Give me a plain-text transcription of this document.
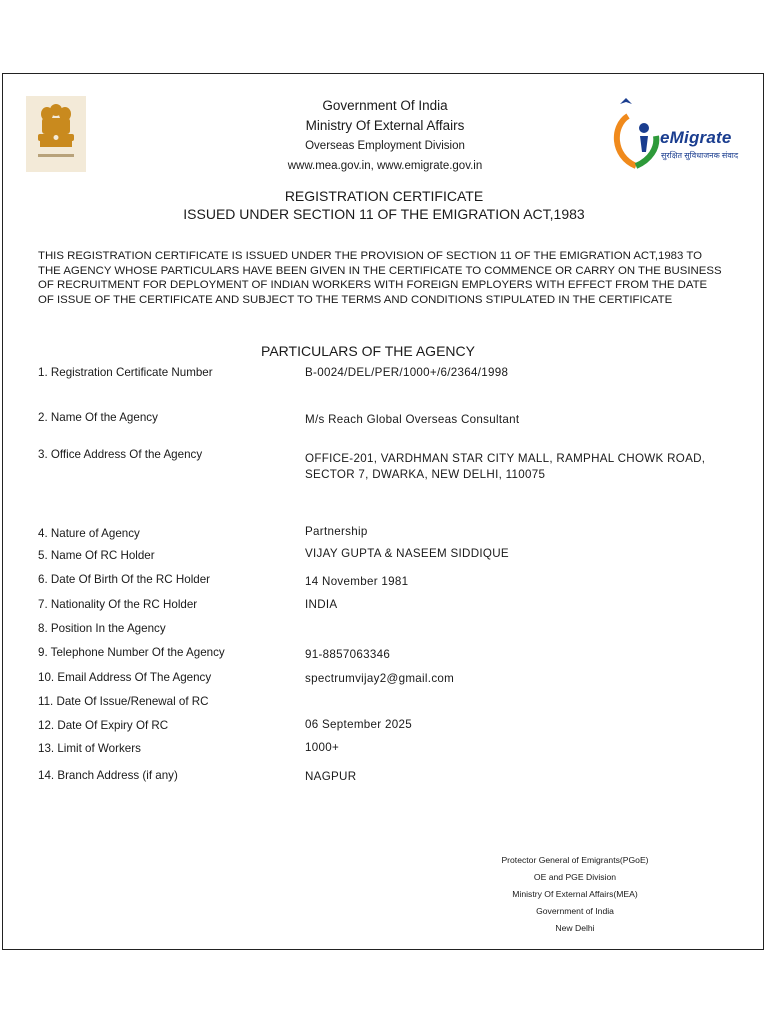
Government Of India
Ministry Of External Affairs
Overseas Employment Division
www.mea.gov.in, www.emigrate.gov.in
eMigrate
सुरक्षित सुविधाजनक संवाद
REGISTRATION CERTIFICATE
ISSUED UNDER SECTION 11 OF THE EMIGRATION ACT,1983
THIS REGISTRATION CERTIFICATE IS ISSUED UNDER THE PROVISION OF SECTION 11 OF THE EMIGRATION ACT,1983 TO THE AGENCY WHOSE PARTICULARS HAVE BEEN GIVEN IN THE CERTIFICATE TO COMMENCE OR CARRY ON THE BUSINESS OF RECRUITMENT FOR DEPLOYMENT OF INDIAN WORKERS WITH FOREIGN EMPLOYERS WITH EFFECT FROM THE DATE OF ISSUE OF THE CERTIFICATE AND SUBJECT TO THE TERMS AND CONDITIONS STIPULATED IN THE CERTIFICATE
PARTICULARS OF THE AGENCY
1. Registration Certificate Number	B-0024/DEL/PER/1000+/6/2364/1998
2. Name Of the Agency	M/s Reach Global Overseas Consultant
3. Office Address Of the Agency	OFFICE-201, VARDHMAN STAR CITY MALL, RAMPHAL CHOWK ROAD, SECTOR 7, DWARKA, NEW DELHI, 110075
4. Nature of Agency	Partnership
5. Name Of RC Holder	VIJAY GUPTA & NASEEM SIDDIQUE
6. Date Of Birth Of the RC Holder	14 November 1981
7. Nationality Of the RC Holder	INDIA
8. Position In the Agency
9. Telephone Number Of the Agency	91-8857063346
10. Email Address Of The Agency	spectrumvijay2@gmail.com
11. Date Of Issue/Renewal of RC
12. Date Of Expiry Of RC	06 September 2025
13. Limit of Workers	1000+
14. Branch Address (if any)	NAGPUR
Protector General of Emigrants(PGoE)
OE and PGE Division
Ministry Of External Affairs(MEA)
Government of India
New Delhi
